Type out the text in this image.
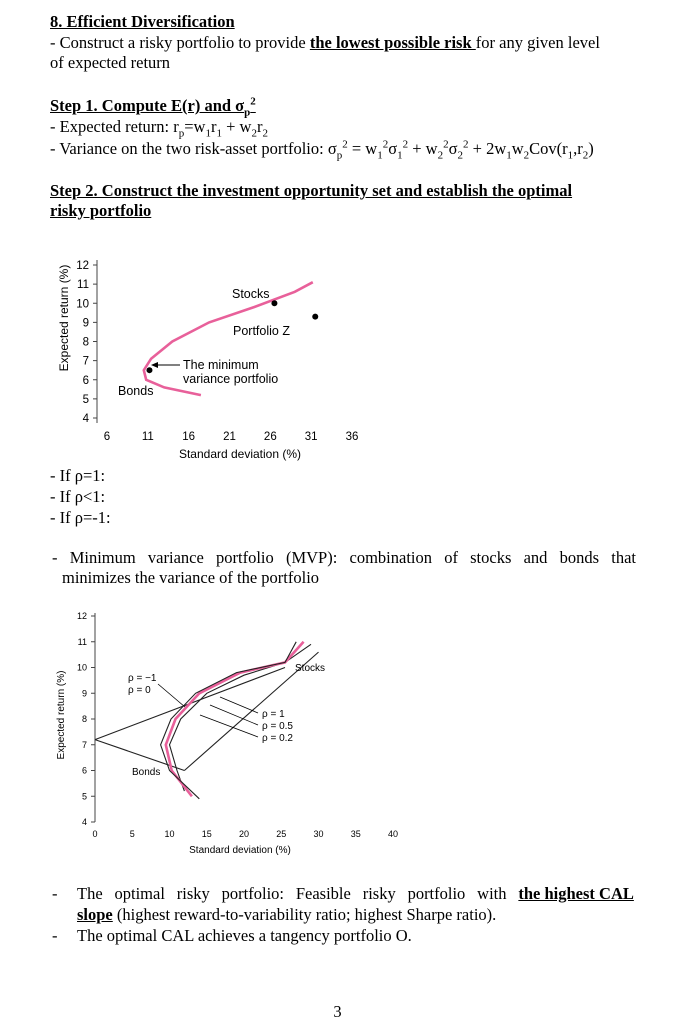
8. Efficient Diversification
- Construct a risky portfolio to provide the lowest possible risk for any given level
of expected return
Step 1. Compute E(r) and $\sigma_p^2$
- Expected return: $r_p=w_1r_1 + w_2r_2$
- Variance on the two risk-asset portfolio: $\sigma_p^2 = w_1^2\sigma_1^2 + w_2^2\sigma_2^2 + 2w_1w_2Cov(r_1,r_2)$
Step 2. Construct the investment opportunity set and establish the optimal
risky portfolio
Expected return (%) 12
11
10
9
8
7
6
5
4
6	11 16 21 26 31 36
Standard deviation (%)
Stocks
Portfolio Z
The minimum
variance portfolio
Bonds
- If ρ=1:
- If ρ<1:
- If ρ=-1:
- Minimum variance portfolio (MVP): combination of stocks and bonds that
minimizes the variance of the portfolio
Expected return (%)
12
11
10
9
8
7
6
5
4
0	5	10	15	20	25	30	35	40
Standard deviation (%)
Stocks
Bonds
ρ = −1
ρ = 0
ρ = 1
ρ = 0.5
ρ = 0.2
- The optimal risky portfolio: Feasible risky portfolio with the highest CAL
slope (highest reward-to-variability ratio; highest Sharpe ratio).
- The optimal CAL achieves a tangency portfolio O.
3
